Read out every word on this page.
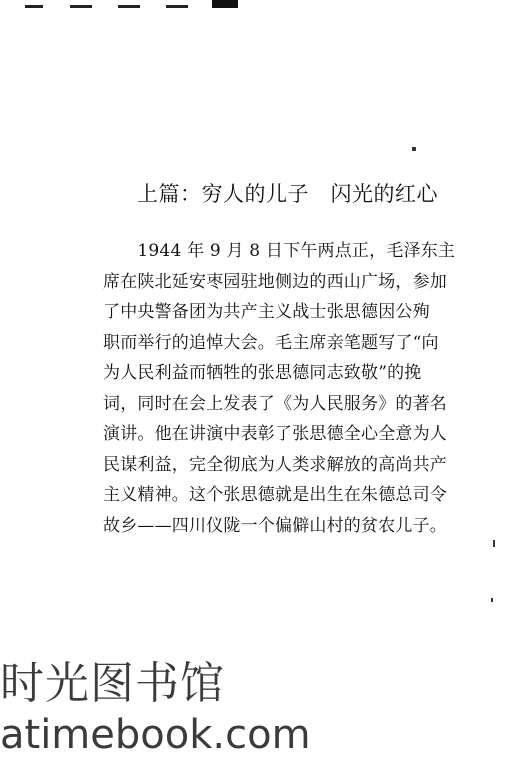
上篇：穷人的儿子　闪光的红心
　　1944 年 9 月 8 日下午两点正，毛泽东主
席在陕北延安枣园驻地侧边的西山广场，参加
了中央警备团为共产主义战士张思德因公殉
职而举行的追悼大会。毛主席亲笔题写了“向
为人民利益而牺牲的张思德同志致敬”的挽
词，同时在会上发表了《为人民服务》的著名
演讲。他在讲演中表彰了张思德全心全意为人
民谋利益，完全彻底为人类求解放的高尚共产
主义精神。这个张思德就是出生在朱德总司令
故乡——四川仪陇一个偏僻山村的贫农儿子。
时光图书馆
atimebook.com
